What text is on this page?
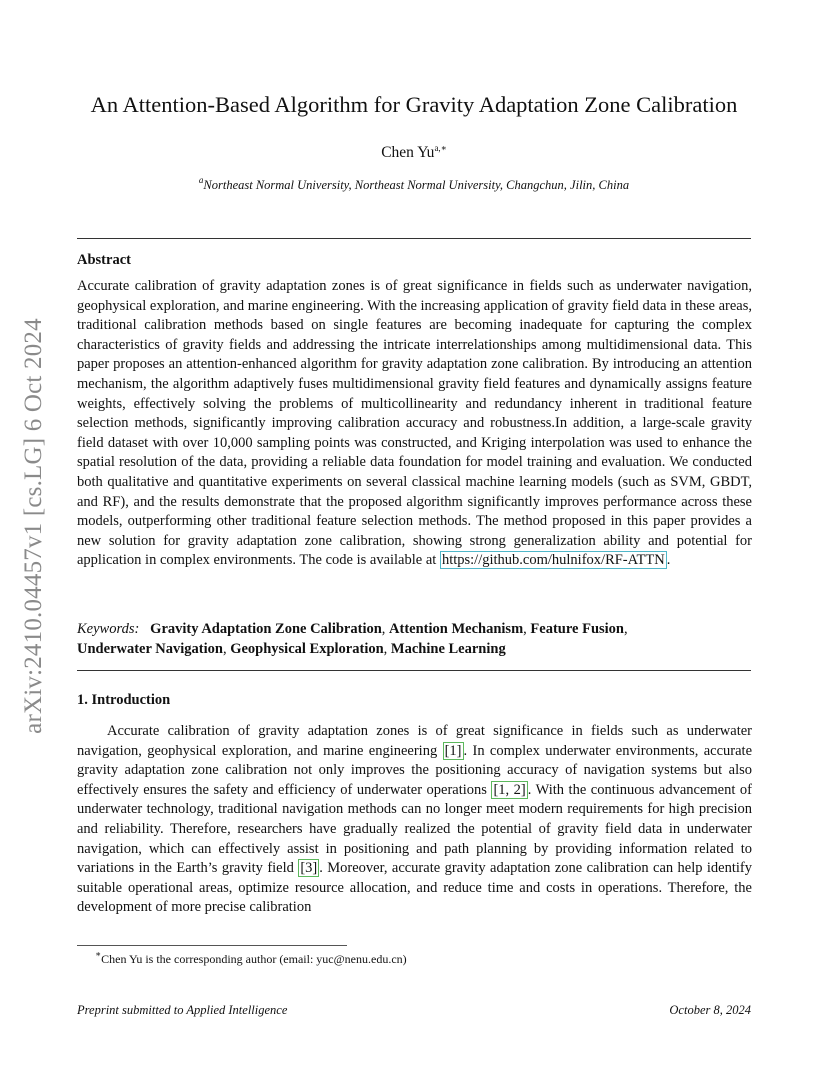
arXiv:2410.04457v1 [cs.LG] 6 Oct 2024
An Attention-Based Algorithm for Gravity Adaptation Zone Calibration
Chen $Yu^{a,∗}$
$^a$Northeast Normal University, Northeast Normal University, Changchun, Jilin, China
Abstract
Accurate calibration of gravity adaptation zones is of great significance in fields such as underwater navigation, geophysical exploration, and marine engineering. With the increasing application of gravity field data in these areas, traditional calibration methods based on single features are becoming inadequate for capturing the complex characteristics of gravity fields and addressing the intricate interrelationships among multidimensional data. This paper proposes an attention-enhanced algorithm for gravity adaptation zone calibration. By introducing an attention mechanism, the algorithm adaptively fuses multidimensional gravity field features and dynamically assigns feature weights, effectively solving the problems of multicollinearity and redundancy inherent in traditional feature selection methods, significantly improving calibration accuracy and robustness.In addition, a large-scale gravity field dataset with over 10,000 sampling points was constructed, and Kriging interpolation was used to enhance the spatial resolution of the data, providing a reliable data foundation for model training and evaluation. We conducted both qualitative and quantitative experiments on several classical machine learning models (such as SVM, GBDT, and RF), and the results demonstrate that the proposed algorithm significantly improves performance across these models, outperforming other traditional feature selection methods. The method proposed in this paper provides a new solution for gravity adaptation zone calibration, showing strong generalization ability and potential for application in complex environments. The code is available at https://github.com/hulnifox/RF-ATTN .
Keywords: Gravity Adaptation Zone Calibration, Attention Mechanism, Feature Fusion,
Underwater Navigation, Geophysical Exploration, Machine Learning
1. Introduction
Accurate calibration of gravity adaptation zones is of great significance in fields such as underwater navigation, geophysical exploration, and marine engineering [1] . In complex underwater environments, accurate gravity adaptation zone calibration not only improves the positioning accuracy of navigation systems but also effectively ensures the safety and efficiency of underwater operations [1, 2] . With the continuous advancement of underwater technology, traditional navigation methods can no longer meet modern requirements for high precision and reliability. Therefore, researchers have gradually realized the potential of gravity field data in underwater navigation, which can effectively assist in positioning and path planning by providing information related to variations in the Earth’s gravity field [3] . Moreover, accurate gravity adaptation zone calibration can help identify suitable operational areas, optimize resource allocation, and reduce time and costs in operations. Therefore, the development of more precise calibration
∗Chen Yu is the corresponding author (email: yuc@nenu.edu.cn)
Preprint submitted to Applied Intelligence	October 8, 2024
